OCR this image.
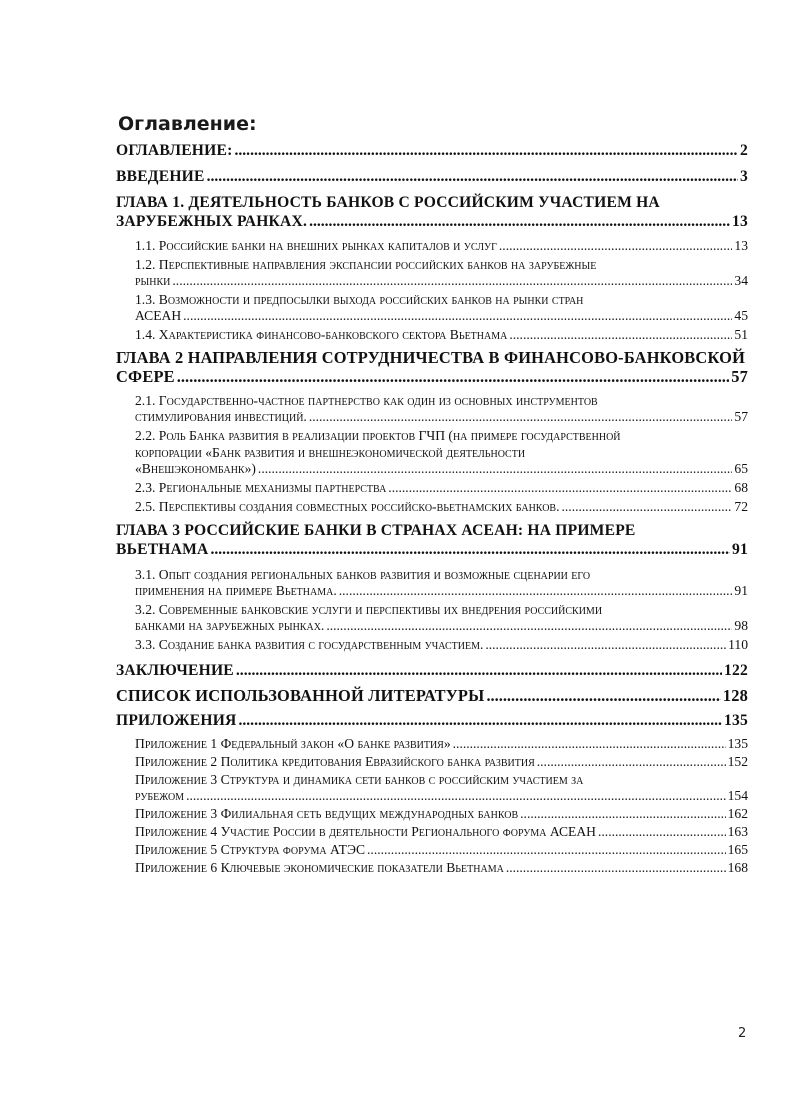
Оглавление:
ОГЛАВЛЕНИЕ: .....	2
ВВЕДЕНИЕ .....	3
ГЛАВА 1. ДЕЯТЕЛЬНОСТЬ БАНКОВ С РОССИЙСКИМ УЧАСТИЕМ НА
ЗАРУБЕЖНЫХ РАНКАХ. .....	13
1.1. Российские банки на внешних рынках капиталов и услуг .....	13
1.2. Перспективные направления экспансии российских банков на зарубежные
рынки .....	34
1.3. Возможности и предпосылки выхода российских банков на рынки стран
АСЕАН .....	45
1.4. Характеристика финансово-банковского сектора Вьетнама .....	51
ГЛАВА 2 НАПРАВЛЕНИЯ СОТРУДНИЧЕСТВА В ФИНАНСОВО-БАНКОВСКОЙ
СФЕРЕ .....	57
2.1. Государственно-частное партнерство как один из основных инструментов
стимулирования инвестиций. .....	57
2.2. Роль Банка развития в реализации проектов ГЧП (на примере государственной
корпорации «Банк развития и внешнеэкономической деятельности
«Внешэкономбанк») .....	65
2.3. Региональные механизмы партнерства .....	68
2.5. Перспективы создания совместных российско-вьетнамских банков. .....	72
ГЛАВА 3 РОССИЙСКИЕ БАНКИ В СТРАНАХ АСЕАН: НА ПРИМЕРЕ
ВЬЕТНАМА .....	91
3.1. Опыт создания региональных банков развития и возможные сценарии его
применения на примере Вьетнама. .....	91
3.2. Современные банковские услуги и перспективы их внедрения российскими
банками на зарубежных рынках. .....	98
3.3. Создание банка развития с государственным участием. .....	110
ЗАКЛЮЧЕНИЕ .....	122
СПИСОК ИСПОЛЬЗОВАННОЙ ЛИТЕРАТУРЫ .....	128
ПРИЛОЖЕНИЯ .....	135
Приложение 1 Федеральный закон «О банке развития» .....	135
Приложение 2 Политика кредитования Евразийского банка развития .....	152
Приложение 3 Структура и динамика сети банков с российским участием за
рубежом .....	154
Приложение 3 Филиальная сеть ведущих международных банков .....	162
Приложение 4 Участие России в деятельности Регионального форума АСЕАН .....	163
Приложение 5 Структура форума АТЭС .....	165
Приложение 6 Ключевые экономические показатели Вьетнама .....	168
2
